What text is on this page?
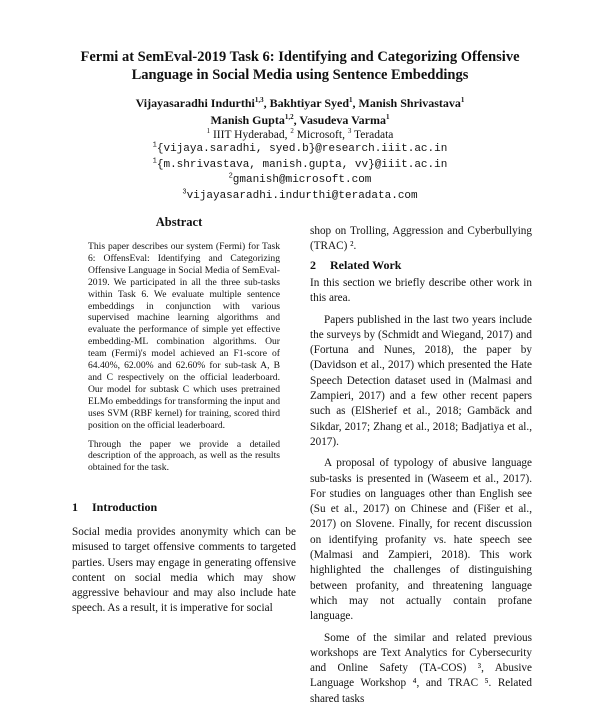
Fermi at SemEval-2019 Task 6: Identifying and Categorizing Offensive
Language in Social Media using Sentence Embeddings
Vijayasaradhi Indurthi$^{1,3}$, Bakhtiyar Syed$^1$, Manish Shrivastava$^1$
Manish Gupta$^{1,2}$, Vasudeva Varma$^1$
$^1$ IIIT Hyderabad, $^2$ Microsoft, $^3$ Teradata
$^1${vijaya.saradhi, syed.b}@research.iiit.ac.in
$^1${m.shrivastava, manish.gupta, vv}@iiit.ac.in
$^2$gmanish@microsoft.com
$^3$vijayasaradhi.indurthi@teradata.com
Abstract

This paper describes our system (Fermi) for Task 6: OffensEval: Identifying and Categorizing Offensive Language in Social Media of SemEval-2019. We participated in all the three sub-tasks within Task 6. We evaluate multiple sentence embeddings in conjunction with various supervised machine learning algorithms and evaluate the performance of simple yet effective embedding-ML combination algorithms. Our team (Fermi)'s model achieved an F1-score of 64.40%, 62.00% and 62.60% for sub-task A, B and C respectively on the official leaderboard. Our model for subtask C which uses pretrained ELMo embeddings for transforming the input and uses SVM (RBF kernel) for training, scored third position on the official leaderboard.

Through the paper we provide a detailed description of the approach, as well as the results obtained for the task.

1 Introduction

Social media provides anonymity which can be misused to target offensive comments to targeted parties. Users may engage in generating offensive content on social media which may show aggressive behaviour and may also include hate speech. As a result, it is imperative for social

shop on Trolling, Aggression and Cyberbullying (TRAC) ².

2 Related Work

In this section we briefly describe other work in this area.

Papers published in the last two years include the surveys by (Schmidt and Wiegand, 2017) and (Fortuna and Nunes, 2018), the paper by (Davidson et al., 2017) which presented the Hate Speech Detection dataset used in (Malmasi and Zampieri, 2017) and a few other recent papers such as (ElSherief et al., 2018; Gambäck and Sikdar, 2017; Zhang et al., 2018; Badjatiya et al., 2017).

A proposal of typology of abusive language sub-tasks is presented in (Waseem et al., 2017). For studies on languages other than English see (Su et al., 2017) on Chinese and (Fišer et al., 2017) on Slovene. Finally, for recent discussion on identifying profanity vs. hate speech see (Malmasi and Zampieri, 2018). This work highlighted the challenges of distinguishing between profanity, and threatening language which may not actually contain profane language.

Some of the similar and related previous workshops are Text Analytics for Cybersecurity and Online Safety (TA-COS) ³, Abusive Language Workshop ⁴, and TRAC ⁵. Related shared tasks
